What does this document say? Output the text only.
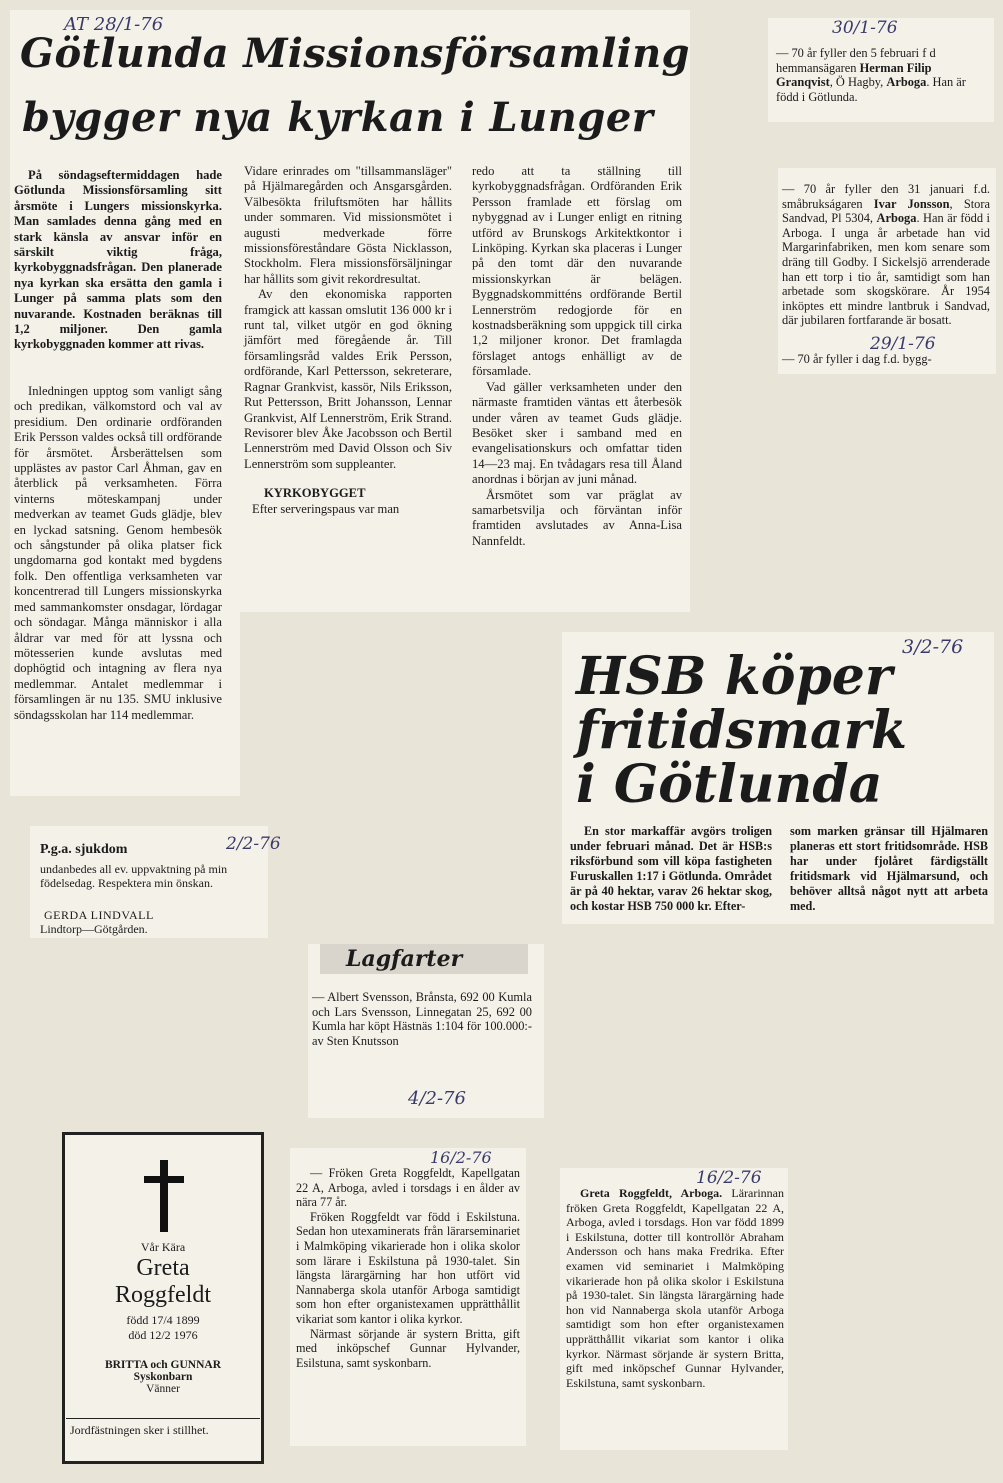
AT 28/1-76
Götlunda Missionsförsamling
bygger nya kyrkan i Lunger

På söndagseftermiddagen hade Götlunda Missionsförsamling sitt årsmöte i Lungers missionskyrka. Man samlades denna gång med en stark känsla av ansvar inför en särskilt viktig fråga, kyrkobyggnadsfrågan. Den planerade nya kyrkan ska ersätta den gamla i Lunger på samma plats som den nuvarande. Kostnaden beräknas till 1,2 miljoner. Den gamla kyrkobyggnaden kommer att rivas.

Inledningen upptog som vanligt sång och predikan, välkomstord och val av presidium. Den ordinarie ordföranden Erik Persson valdes också till ordförande för årsmötet. Årsberättelsen som upplästes av pastor Carl Åhman, gav en återblick på verksamheten. Förra vinterns möteskampanj under medverkan av teamet Guds glädje, blev en lyckad satsning. Genom hembesök och sångstunder på olika platser fick ungdomarna god kontakt med bygdens folk. Den offentliga verksamheten var koncentrerad till Lungers missionskyrka med sammankomster onsdagar, lördagar och söndagar. Många människor i alla åldrar var med för att lyssna och mötesserien kunde avslutas med dophögtid och intagning av flera nya medlemmar. Antalet medlemmar i församlingen är nu 135. SMU inklusive söndagsskolan har 114 medlemmar.

Vidare erinrades om "tillsammansläger" på Hjälmaregården och Ansgarsgården. Välbesökta friluftsmöten har hållits under sommaren. Vid missionsmötet i augusti medverkade förre missionsföreståndare Gösta Nicklasson, Stockholm. Flera missionsförsäljningar har hållits som givit rekordresultat.

Av den ekonomiska rapporten framgick att kassan omslutit 136 000 kr i runt tal, vilket utgör en god ökning jämfört med föregående år. Till församlingsråd valdes Erik Persson, ordförande, Karl Pettersson, sekreterare, Ragnar Grankvist, kassör, Nils Eriksson, Rut Pettersson, Britt Johansson, Lennar Grankvist, Alf Lennerström, Erik Strand. Revisorer blev Åke Jacobsson och Bertil Lennerström med David Olsson och Siv Lennerström som suppleanter.

KYRKOBYGGET

Efter serveringspaus var man

redo att ta ställning till kyrkobyggnadsfrågan. Ordföranden Erik Persson framlade ett förslag om nybyggnad av i Lunger enligt en ritning utförd av Brunskogs Arkitektkontor i Linköping. Kyrkan ska placeras i Lunger på den tomt där den nuvarande missionskyrkan är belägen. Byggnadskommitténs ordförande Bertil Lennerström redogjorde för en kostnadsberäkning som uppgick till cirka 1,2 miljoner kronor. Det framlagda förslaget antogs enhälligt av de församlade.

Vad gäller verksamheten under den närmaste framtiden väntas ett återbesök under våren av teamet Guds glädje. Besöket sker i samband med en evangelisationskurs och omfattar tiden 14—23 maj. En tvådagars resa till Åland anordnas i början av juni månad.

Årsmötet som var präglat av samarbetsvilja och förväntan inför framtiden avslutades av Anna-Lisa Nannfeldt.

30/1-76
— 70 år fyller den 5 februari f d hemmansägaren Herman Filip Granqvist, Ö Hagby, Arboga. Han är född i Götlunda.
— 70 år fyller den 31 januari f.d. småbrukságaren Ivar Jonsson, Stora Sandvad, Pl 5304, Arboga. Han är född i Arboga. I unga år arbetade han vid Margarinfabriken, men kom senare som dräng till Godby. I Sickelsjö arrenderade han ett torp i tio år, samtidigt som han arbetade som skogskörare. År 1954 inköptes ett mindre lantbruk i Sandvad, där jubilaren fortfarande är bosatt.
— 70 år fyller i dag f.d. bygg-
29/1-76
3/2-76
HSB köper
fritidsmark
i Götlunda

En stor markaffär avgörs troligen under februari månad. Det är HSB:s riksförbund som vill köpa fastigheten Furuskallen 1:17 i Götlunda. Området är på 40 hektar, varav 26 hektar skog, och kostar HSB 750 000 kr. Efter-

som marken gränsar till Hjälmaren planeras ett stort fritidsområde. HSB har under fjolåret färdigställt fritidsmark vid Hjälmarsund, och behöver alltså något nytt att arbeta med.

2/2-76
P.g.a. sjukdom
undanbedes all ev. uppvaktning på min födelsedag. Respektera min önskan.
GERDA LINDVALL
Lindtorp—Götgården.
Lagfarter
— Albert Svensson, Brånsta, 692 00 Kumla och Lars Svensson, Linnegatan 25, 692 00 Kumla har köpt Hästnäs 1:104 för 100.000:- av Sten Knutsson
4/2-76
Vår Kära
Greta
Roggfeldt
född 17/4 1899
död 12/2 1976
BRITTA och GUNNAR
Syskonbarn
Vänner
Jordfästningen sker i stillhet.
16/2-76

— Fröken Greta Roggfeldt, Kapellgatan 22 A, Arboga, avled i torsdags i en ålder av nära 77 år.

Fröken Roggfeldt var född i Eskilstuna. Sedan hon utexaminerats från lärarseminariet i Malmköping vikarierade hon i olika skolor som lärare i Eskilstuna på 1930-talet. Sin längsta lärargärning har hon utfört vid Nannaberga skola utanför Arboga samtidigt som hon efter organistexamen upprätthållit vikariat som kantor i olika kyrkor.

Närmast sörjande är systern Britta, gift med inköpschef Gunnar Hylvander, Esilstuna, samt syskonbarn.

16/2-76

Greta Roggfeldt, Arboga. Lärarinnan fröken Greta Roggfeldt, Kapellgatan 22 A, Arboga, avled i torsdags. Hon var född 1899 i Eskilstuna, dotter till kontrollör Abraham Andersson och hans maka Fredrika. Efter examen vid seminariet i Malmköping vikarierade hon på olika skolor i Eskilstuna på 1930-talet. Sin längsta lärargärning hade hon vid Nannaberga skola utanför Arboga samtidigt som hon efter organistexamen upprätthållit vikariat som kantor i olika kyrkor. Närmast sörjande är systern Britta, gift med inköpschef Gunnar Hylvander, Eskilstuna, samt syskonbarn.
